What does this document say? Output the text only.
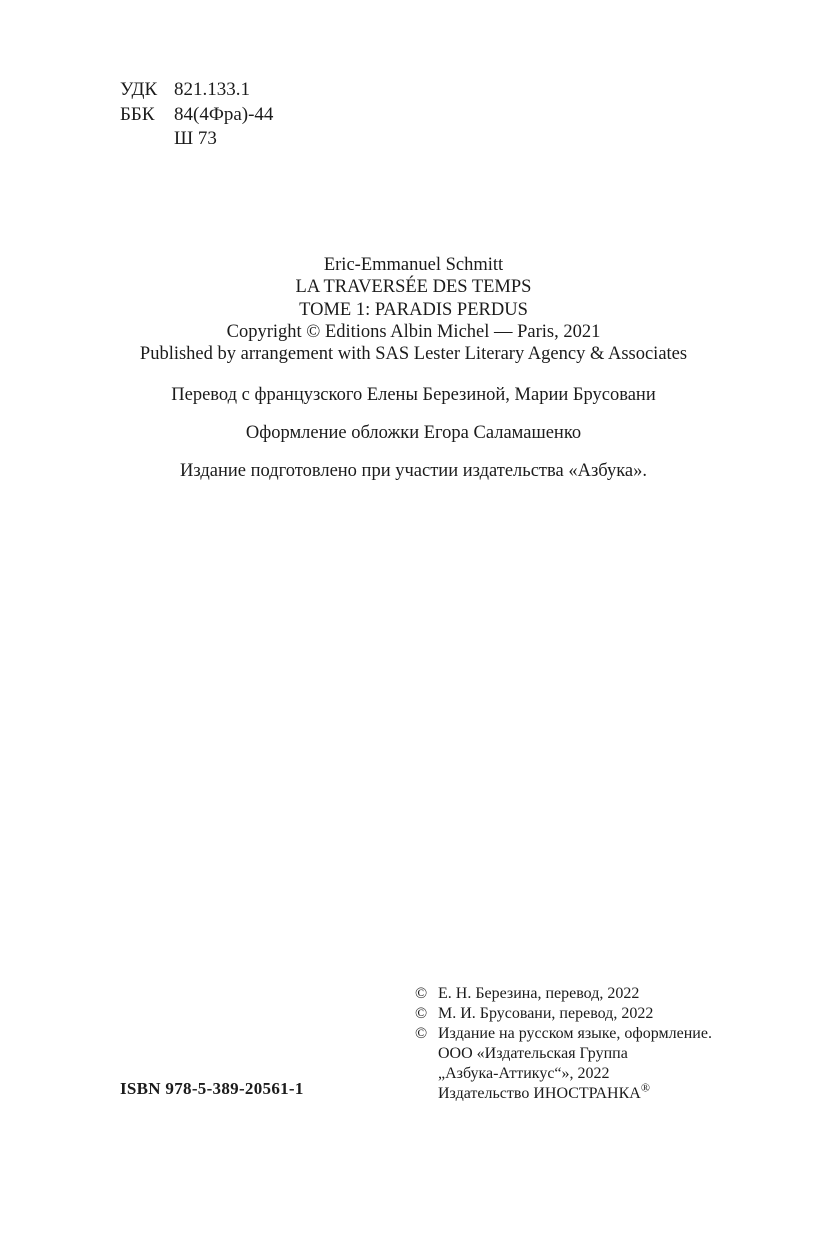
УДК 821.133.1
ББК	84(4Фра)-44
Ш 73
Eric-Emmanuel Schmitt
LA TRAVERSÉE DES TEMPS
TOME 1: PARADIS PERDUS
Copyright © Editions Albin Michel — Paris, 2021
Published by arrangement with SAS Lester Literary Agency & Associates
Перевод с французского Елены Березиной, Марии Брусовани
Оформление обложки Егора Саламашенко
Издание подготовлено при участии издательства «Азбука».
© Е. Н. Березина, перевод, 2022
© М. И. Брусовани, перевод, 2022
© Издание на русском языке, оформление.
ООО «Издательская Группа
„Азбука-Аттикус“», 2022
Издательство ИНОСТРАНКА®
ISBN 978-5-389-20561-1
